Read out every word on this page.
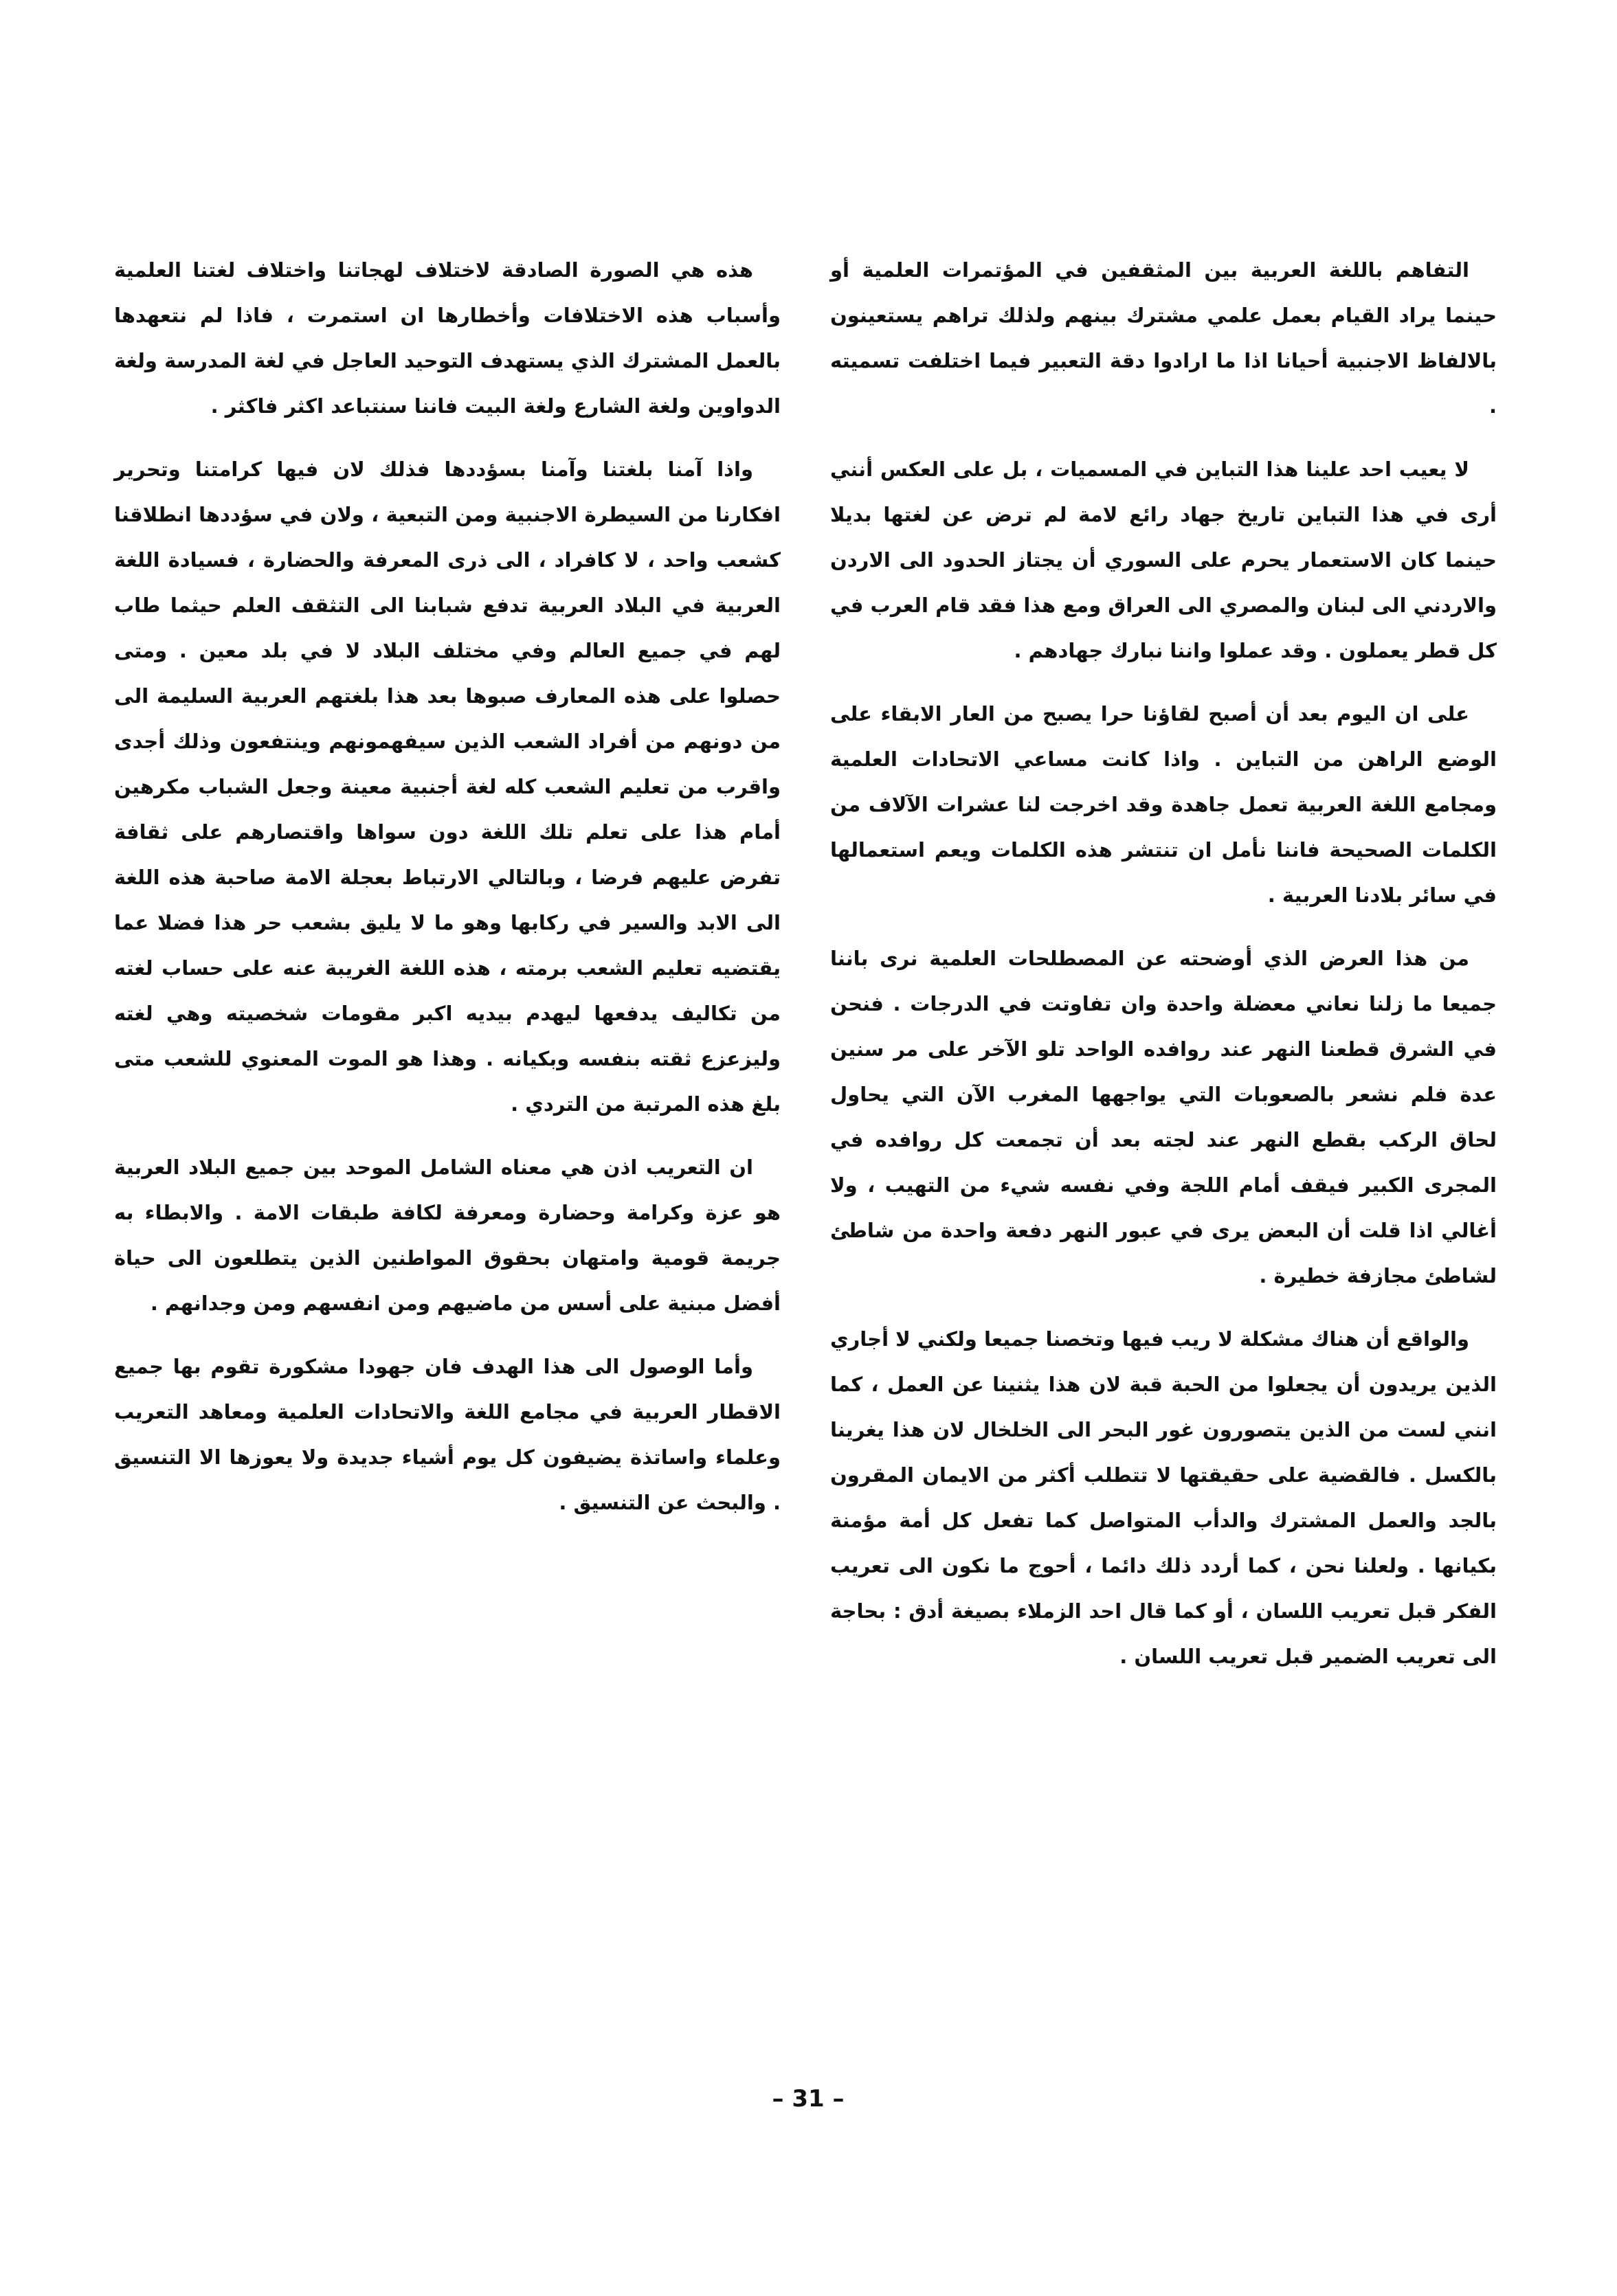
التفاهم باللغة العربية بين المثقفين في المؤتمرات العلمية أو حينما يراد القيام بعمل علمي مشترك بينهم ولذلك تراهم يستعينون بالالفاظ الاجنبية أحيانا اذا ما ارادوا دقة التعبير فيما اختلفت تسميته .

لا يعيب احد علينا هذا التباين في المسميات ، بل على العكس أنني أرى في هذا التباين تاريخ جهاد رائع لامة لم ترض عن لغتها بديلا حينما كان الاستعمار يحرم على السوري أن يجتاز الحدود الى الاردن والاردني الى لبنان والمصري الى العراق ومع هذا فقد قام العرب في كل قطر يعملون . وقد عملوا واننا نبارك جهادهم .

على ان اليوم بعد أن أصبح لقاؤنا حرا يصبح من العار الابقاء على الوضع الراهن من التباين . واذا كانت مساعي الاتحادات العلمية ومجامع اللغة العربية تعمل جاهدة وقد اخرجت لنا عشرات الآلاف من الكلمات الصحيحة فاننا نأمل ان تنتشر هذه الكلمات ويعم استعمالها في سائر بلادنا العربية .

من هذا العرض الذي أوضحته عن المصطلحات العلمية نرى باننا جميعا ما زلنا نعاني معضلة واحدة وان تفاوتت في الدرجات . فنحن في الشرق قطعنا النهر عند روافده الواحد تلو الآخر على مر سنين عدة فلم نشعر بالصعوبات التي يواجهها المغرب الآن التي يحاول لحاق الركب بقطع النهر عند لجته بعد أن تجمعت كل روافده في المجرى الكبير فيقف أمام اللجة وفي نفسه شيء من التهيب ، ولا أغالي اذا قلت أن البعض يرى في عبور النهر دفعة واحدة من شاطئ لشاطئ مجازفة خطيرة .

والواقع أن هناك مشكلة لا ريب فيها وتخصنا جميعا ولكني لا أجاري الذين يريدون أن يجعلوا من الحبة قبة لان هذا يثنينا عن العمل ، كما انني لست من الذين يتصورون غور البحر الى الخلخال لان هذا يغرينا بالكسل . فالقضية على حقيقتها لا تتطلب أكثر من الايمان المقرون بالجد والعمل المشترك والدأب المتواصل كما تفعل كل أمة مؤمنة بكيانها . ولعلنا نحن ، كما أردد ذلك دائما ، أحوج ما نكون الى تعريب الفكر قبل تعريب اللسان ، أو كما قال احد الزملاء بصيغة أدق : بحاجة الى تعريب الضمير قبل تعريب اللسان .

هذه هي الصورة الصادقة لاختلاف لهجاتنا واختلاف لغتنا العلمية وأسباب هذه الاختلافات وأخطارها ان استمرت ، فاذا لم نتعهدها بالعمل المشترك الذي يستهدف التوحيد العاجل في لغة المدرسة ولغة الدواوين ولغة الشارع ولغة البيت فاننا سنتباعد اكثر فاكثر .

واذا آمنا بلغتنا وآمنا بسؤددها فذلك لان فيها كرامتنا وتحرير افكارنا من السيطرة الاجنبية ومن التبعية ، ولان في سؤددها انطلاقنا كشعب واحد ، لا كافراد ، الى ذرى المعرفة والحضارة ، فسيادة اللغة العربية في البلاد العربية تدفع شبابنا الى التثقف العلم حيثما طاب لهم في جميع العالم وفي مختلف البلاد لا في بلد معين . ومتى حصلوا على هذه المعارف صبوها بعد هذا بلغتهم العربية السليمة الى من دونهم من أفراد الشعب الذين سيفهمونهم وينتفعون وذلك أجدى واقرب من تعليم الشعب كله لغة أجنبية معينة وجعل الشباب مكرهين أمام هذا على تعلم تلك اللغة دون سواها واقتصارهم على ثقافة تفرض عليهم فرضا ، وبالتالي الارتباط بعجلة الامة صاحبة هذه اللغة الى الابد والسير في ركابها وهو ما لا يليق بشعب حر هذا فضلا عما يقتضيه تعليم الشعب برمته ، هذه اللغة الغريبة عنه على حساب لغته من تكاليف يدفعها ليهدم بيديه اكبر مقومات شخصيته وهي لغته وليزعزع ثقته بنفسه وبكيانه . وهذا هو الموت المعنوي للشعب متى بلغ هذه المرتبة من التردي .

ان التعريب اذن هي معناه الشامل الموحد بين جميع البلاد العربية هو عزة وكرامة وحضارة ومعرفة لكافة طبقات الامة . والابطاء به جريمة قومية وامتهان بحقوق المواطنين الذين يتطلعون الى حياة أفضل مبنية على أسس من ماضيهم ومن انفسهم ومن وجدانهم .

وأما الوصول الى هذا الهدف فان جهودا مشكورة تقوم بها جميع الاقطار العربية في مجامع اللغة والاتحادات العلمية ومعاهد التعريب وعلماء واساتذة يضيفون كل يوم أشياء جديدة ولا يعوزها الا التنسيق . والبحث عن التنسيق .

– 31 –
